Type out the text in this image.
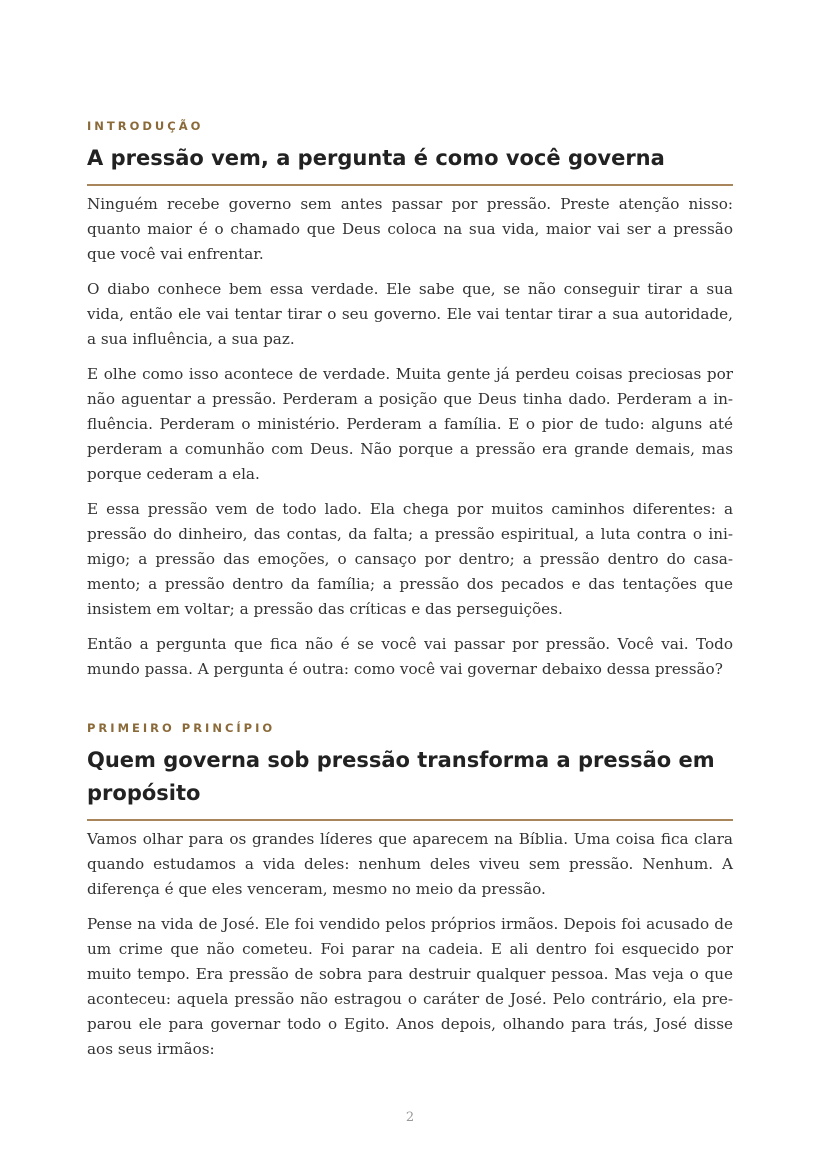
INTRODUÇÃO

A pressão vem, a pergunta é como você governa

Ninguém recebe governo sem antes passar por pressão. Preste atenção nisso: quanto maior é o chamado que Deus coloca na sua vida, maior vai ser a pressão que você vai enfrentar.

O diabo conhece bem essa verdade. Ele sabe que, se não conseguir tirar a sua vida, então ele vai tentar tirar o seu governo. Ele vai tentar tirar a sua autoridade, a sua influência, a sua paz.

E olhe como isso acontece de verdade. Muita gente já perdeu coisas preciosas por não aguentar a pressão. Perderam a posição que Deus tinha dado. Perderam a influência. Perderam o ministério. Perderam a família. E o pior de tudo: alguns até perderam a comunhão com Deus. Não porque a pressão era grande demais, mas porque cederam a ela.

E essa pressão vem de todo lado. Ela chega por muitos caminhos diferentes: a pressão do dinheiro, das contas, da falta; a pressão espiritual, a luta contra o inimigo; a pressão das emoções, o cansaço por dentro; a pressão dentro do casamento; a pressão dentro da família; a pressão dos pecados e das tentações que insistem em voltar; a pressão das críticas e das perseguições.

Então a pergunta que fica não é se você vai passar por pressão. Você vai. Todo mundo passa. A pergunta é outra: como você vai governar debaixo dessa pressão?

PRIMEIRO PRINCÍPIO

Quem governa sob pressão transforma a pressão em propósito

Vamos olhar para os grandes líderes que aparecem na Bíblia. Uma coisa fica clara quando estudamos a vida deles: nenhum deles viveu sem pressão. Nenhum. A diferença é que eles venceram, mesmo no meio da pressão.

Pense na vida de José. Ele foi vendido pelos próprios irmãos. Depois foi acusado de um crime que não cometeu. Foi parar na cadeia. E ali dentro foi esquecido por muito tempo. Era pressão de sobra para destruir qualquer pessoa. Mas veja o que aconteceu: aquela pressão não estragou o caráter de José. Pelo contrário, ela preparou ele para governar todo o Egito. Anos depois, olhando para trás, José disse aos seus irmãos:

2
